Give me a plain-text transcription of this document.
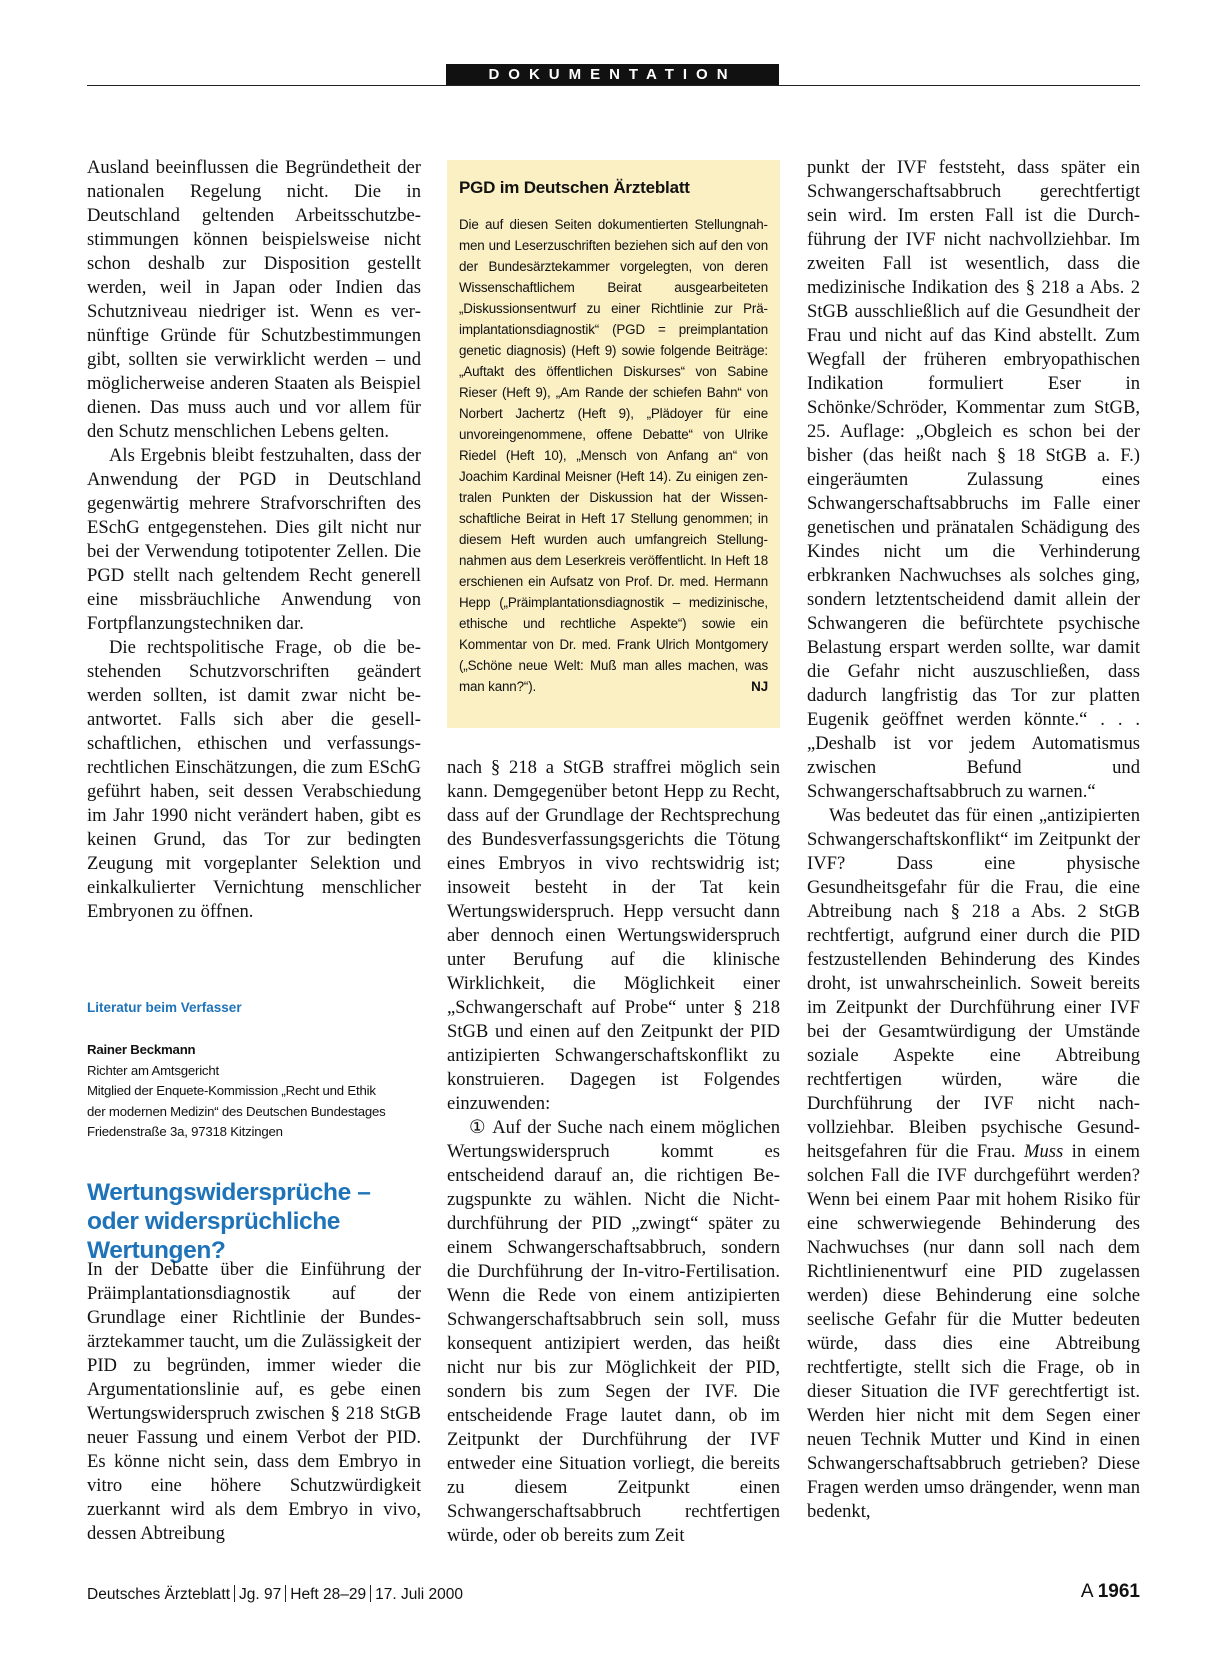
DOKUMENTATION

Ausland beeinflussen die Begründetheit der nationalen Regelung nicht. Die in Deutschland geltenden Arbeitsschutzbestimmungen können beispielsweise nicht schon deshalb zur Disposition gestellt werden, weil in Japan oder Indien das Schutzniveau niedriger ist. Wenn es vernünftige Gründe für Schutzbestimmungen gibt, sollten sie verwirklicht werden – und möglicherweise anderen Staaten als Beispiel dienen. Das muss auch und vor allem für den Schutz menschlichen Lebens gelten.

Als Ergebnis bleibt festzuhalten, dass der Anwendung der PGD in Deutschland gegenwärtig mehrere Strafvorschriften des ESchG entgegenstehen. Dies gilt nicht nur bei der Verwendung totipotenter Zellen. Die PGD stellt nach geltendem Recht generell eine missbräuchliche Anwendung von Fortpflanzungstechniken dar.

Die rechtspolitische Frage, ob die bestehenden Schutzvorschriften geändert werden sollten, ist damit zwar nicht beantwortet. Falls sich aber die gesellschaftlichen, ethischen und verfassungsrechtlichen Einschätzungen, die zum ESchG geführt haben, seit dessen Verabschiedung im Jahr 1990 nicht verändert haben, gibt es keinen Grund, das Tor zur bedingten Zeugung mit vorgeplanter Selektion und einkalkulierter Vernichtung menschlicher Embryonen zu öffnen.

Literatur beim Verfasser
Rainer Beckmann
Richter am Amtsgericht
Mitglied der Enquete-Kommission „Recht und Ethik
der modernen Medizin“ des Deutschen Bundestages
Friedenstraße 3a, 97318 Kitzingen
Wertungswidersprüche – oder widersprüchliche Wertungen?

In der Debatte über die Einführung der Präimplantationsdiagnostik auf der Grundlage einer Richtlinie der Bundesärztekammer taucht, um die Zulässigkeit der PID zu begründen, immer wieder die Argumentationslinie auf, es gebe einen Wertungswiderspruch zwischen § 218 StGB neuer Fassung und einem Verbot der PID. Es könne nicht sein, dass dem Embryo in vitro eine höhere Schutzwürdigkeit zuerkannt wird als dem Embryo in vivo, dessen Abtreibung

PGD im Deutschen Ärzteblatt
Die auf diesen Seiten dokumentierten Stellungnahmen und Leserzuschriften beziehen sich auf den von der Bundesärztekammer vorgelegten, von deren Wissenschaftlichem Beirat ausgearbeiteten „Diskussionsentwurf zu einer Richtlinie zur Präimplantationsdiagnostik“ (PGD = preimplantation genetic diagnosis) (Heft 9) sowie folgende Beiträge: „Auftakt des öffentlichen Diskurses“ von Sabine Rieser (Heft 9), „Am Rande der schiefen Bahn“ von Norbert Jachertz (Heft 9), „Plädoyer für eine unvoreingenommene, offene Debatte“ von Ulrike Riedel (Heft 10), „Mensch von Anfang an“ von Joachim Kardinal Meisner (Heft 14). Zu einigen zentralen Punkten der Diskussion hat der Wissenschaftliche Beirat in Heft 17 Stellung genommen; in diesem Heft wurden auch umfangreich Stellungnahmen aus dem Leserkreis veröffentlicht. In Heft 18 erschienen ein Aufsatz von Prof. Dr. med. Hermann Hepp („Präimplantationsdiagnostik – medizinische, ethische und rechtliche Aspekte“) sowie ein Kommentar von Dr. med. Frank Ulrich Montgomery („Schöne neue Welt: Muß man alles machen, was man kann?“).	NJ

nach § 218 a StGB straffrei möglich sein kann. Demgegenüber betont Hepp zu Recht, dass auf der Grundlage der Rechtsprechung des Bundesverfassungsgerichts die Tötung eines Embryos in vivo rechtswidrig ist; insoweit besteht in der Tat kein Wertungswiderspruch. Hepp versucht dann aber dennoch einen Wertungswiderspruch unter Berufung auf die klinische Wirklichkeit, die Möglichkeit einer „Schwangerschaft auf Probe“ unter § 218 StGB und einen auf den Zeitpunkt der PID antizipierten Schwangerschaftskonflikt zu konstruieren. Dagegen ist Folgendes einzuwenden:

① Auf der Suche nach einem möglichen Wertungswiderspruch kommt es entscheidend darauf an, die richtigen Bezugspunkte zu wählen. Nicht die Nichtdurchführung der PID „zwingt“ später zu einem Schwangerschaftsabbruch, sondern die Durchführung der In-vitro-Fertilisation. Wenn die Rede von einem antizipierten Schwangerschaftsabbruch sein soll, muss konsequent antizipiert werden, das heißt nicht nur bis zur Möglichkeit der PID, sondern bis zum Segen der IVF. Die entscheidende Frage lautet dann, ob im Zeitpunkt der Durchführung der IVF entweder eine Situation vorliegt, die bereits zu diesem Zeitpunkt einen Schwangerschaftsabbruch rechtfertigen würde, oder ob bereits zum Zeit

punkt der IVF feststeht, dass später ein Schwangerschaftsabbruch gerechtfertigt sein wird. Im ersten Fall ist die Durchführung der IVF nicht nachvollziehbar. Im zweiten Fall ist wesentlich, dass die medizinische Indikation des § 218 a Abs. 2 StGB ausschließlich auf die Gesundheit der Frau und nicht auf das Kind abstellt. Zum Wegfall der früheren embryopathischen Indikation formuliert Eser in Schönke/Schröder, Kommentar zum StGB, 25. Auflage: „Obgleich es schon bei der bisher (das heißt nach § 18 StGB a. F.) eingeräumten Zulassung eines Schwangerschaftsabbruchs im Falle einer genetischen und pränatalen Schädigung des Kindes nicht um die Verhinderung erbkranken Nachwuchses als solches ging, sondern letztentscheidend damit allein der Schwangeren die befürchtete psychische Belastung erspart werden sollte, war damit die Gefahr nicht auszuschließen, dass dadurch langfristig das Tor zur platten Eugenik geöffnet werden könnte.“ . . . „Deshalb ist vor jedem Automatismus zwischen Befund und Schwangerschaftsabbruch zu warnen.“

Was bedeutet das für einen „antizipierten Schwangerschaftskonflikt“ im Zeitpunkt der IVF? Dass eine physische Gesundheitsgefahr für die Frau, die eine Abtreibung nach § 218 a Abs. 2 StGB rechtfertigt, aufgrund einer durch die PID festzustellenden Behinderung des Kindes droht, ist unwahrscheinlich. Soweit bereits im Zeitpunkt der Durchführung einer IVF bei der Gesamtwürdigung der Umstände soziale Aspekte eine Abtreibung rechtfertigen würden, wäre die Durchführung der IVF nicht nachvollziehbar. Bleiben psychische Gesundheitsgefahren für die Frau. Muss in einem solchen Fall die IVF durchgeführt werden? Wenn bei einem Paar mit hohem Risiko für eine schwerwiegende Behinderung des Nachwuchses (nur dann soll nach dem Richtlinienentwurf eine PID zugelassen werden) diese Behinderung eine solche seelische Gefahr für die Mutter bedeuten würde, dass dies eine Abtreibung rechtfertigte, stellt sich die Frage, ob in dieser Situation die IVF gerechtfertigt ist. Werden hier nicht mit dem Segen einer neuen Technik Mutter und Kind in einen Schwangerschaftsabbruch getrieben? Diese Fragen werden umso drängender, wenn man bedenkt,

Deutsches Ärzteblatt Jg. 97 Heft 28–29 17. Juli 2000	A 1961
